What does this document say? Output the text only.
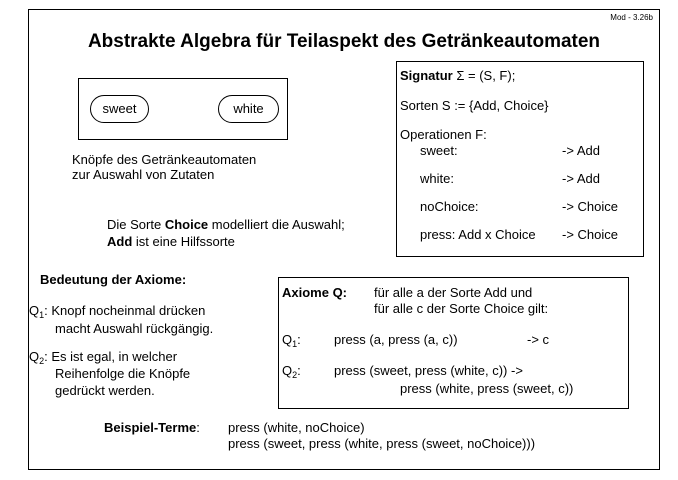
Mod - 3.26b
Abstrakte Algebra für Teilaspekt des Getränkeautomaten
sweet	white
Knöpfe des Getränkeautomaten
zur Auswahl von Zutaten
Die Sorte Choice modelliert die Auswahl;
Add ist eine Hilfssorte
Signatur Σ = (S, F);
Sorten S := {Add, Choice}
Operationen F:
sweet:	-> Add
white:	-> Add
noChoice:	-> Choice
press: Add x Choice -> Choice
Bedeutung der Axiome:
$Q_1$: Knopf nocheinmal drücken
macht Auswahl rückgängig.
$Q_2$: Es ist egal, in welcher
Reihenfolge die Knöpfe
gedrückt werden.
Axiome Q: für alle a der Sorte Add und
für alle c der Sorte Choice gilt:
$Q_1$:	press (a, press (a, c))	-> c
$Q_2$:	press (sweet, press (white, c)) ->
press (white, press (sweet, c))
Beispiel-Terme: press (white, noChoice)
press (sweet, press (white, press (sweet, noChoice)))
